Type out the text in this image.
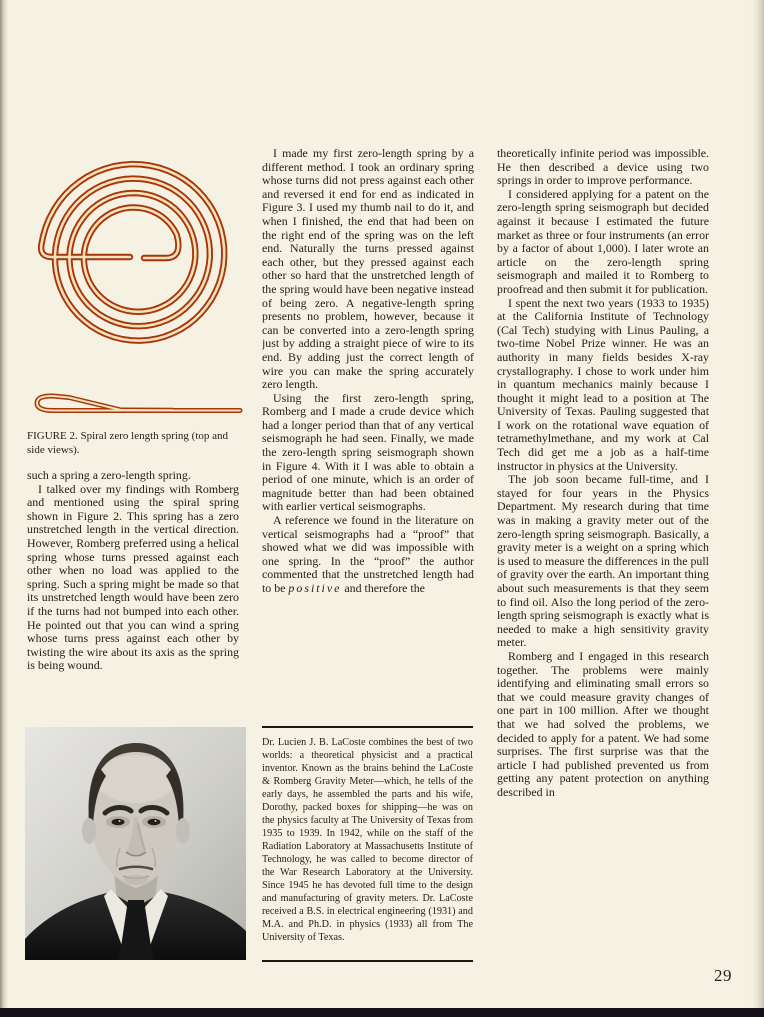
FIGURE 2. Spiral zero length spring (top and side views).

such a spring a zero-length spring.

I talked over my findings with Romberg and mentioned using the spiral spring shown in Figure 2. This spring has a zero unstretched length in the vertical direction. However, Romberg preferred using a helical spring whose turns pressed against each other when no load was applied to the spring. Such a spring might be made so that its unstretched length would have been zero if the turns had not bumped into each other. He pointed out that you can wind a spring whose turns press against each other by twisting the wire about its axis as the spring is being wound.

I made my first zero-length spring by a different method. I took an ordinary spring whose turns did not press against each other and reversed it end for end as indicated in Figure 3. I used my thumb nail to do it, and when I finished, the end that had been on the right end of the spring was on the left end. Naturally the turns pressed against each other, but they pressed against each other so hard that the unstretched length of the spring would have been negative instead of being zero. A negative-length spring presents no problem, however, because it can be converted into a zero-length spring just by adding a straight piece of wire to its end. By adding just the correct length of wire you can make the spring accurately zero length.

Using the first zero-length spring, Romberg and I made a crude device which had a longer period than that of any vertical seismograph he had seen. Finally, we made the zero-length spring seismograph shown in Figure 4. With it I was able to obtain a period of one minute, which is an order of magnitude better than had been obtained with earlier vertical seismographs.

A reference we found in the literature on vertical seismographs had a “proof” that showed what we did was impossible with one spring. In the “proof” the author commented that the unstretched length had to be positive and therefore the

theoretically infinite period was impossible. He then described a device using two springs in order to improve performance.

I considered applying for a patent on the zero-length spring seismograph but decided against it because I estimated the future market as three or four instruments (an error by a factor of about 1,000). I later wrote an article on the zero-length spring seismograph and mailed it to Romberg to proofread and then submit it for publication.

I spent the next two years (1933 to 1935) at the California Institute of Technology (Cal Tech) studying with Linus Pauling, a two-time Nobel Prize winner. He was an authority in many fields besides X-ray crystallography. I chose to work under him in quantum mechanics mainly because I thought it might lead to a position at The University of Texas. Pauling suggested that I work on the rotational wave equation of tetramethylmethane, and my work at Cal Tech did get me a job as a half-time instructor in physics at the University.

The job soon became full-time, and I stayed for four years in the Physics Department. My research during that time was in making a gravity meter out of the zero-length spring seismograph. Basically, a gravity meter is a weight on a spring which is used to measure the differences in the pull of gravity over the earth. An important thing about such measurements is that they seem to find oil. Also the long period of the zero-length spring seismograph is exactly what is needed to make a high sensitivity gravity meter.

Romberg and I engaged in this research together. The problems were mainly identifying and eliminating small errors so that we could measure gravity changes of one part in 100 million. After we thought that we had solved the problems, we decided to apply for a patent. We had some surprises. The first surprise was that the article I had published prevented us from getting any patent protection on anything described in

Dr. Lucien J. B. LaCoste combines the best of two worlds: a theoretical physicist and a practical inventor. Known as the brains behind the LaCoste & Romberg Gravity Meter—which, he tells of the early days, he assembled the parts and his wife, Dorothy, packed boxes for shipping—he was on the physics faculty at The University of Texas from 1935 to 1939. In 1942, while on the staff of the Radiation Laboratory at Massachusetts Institute of Technology, he was called to become director of the War Research Laboratory at the University. Since 1945 he has devoted full time to the design and manufacturing of gravity meters. Dr. LaCoste received a B.S. in electrical engineering (1931) and M.A. and Ph.D. in physics (1933) all from The University of Texas.

29
